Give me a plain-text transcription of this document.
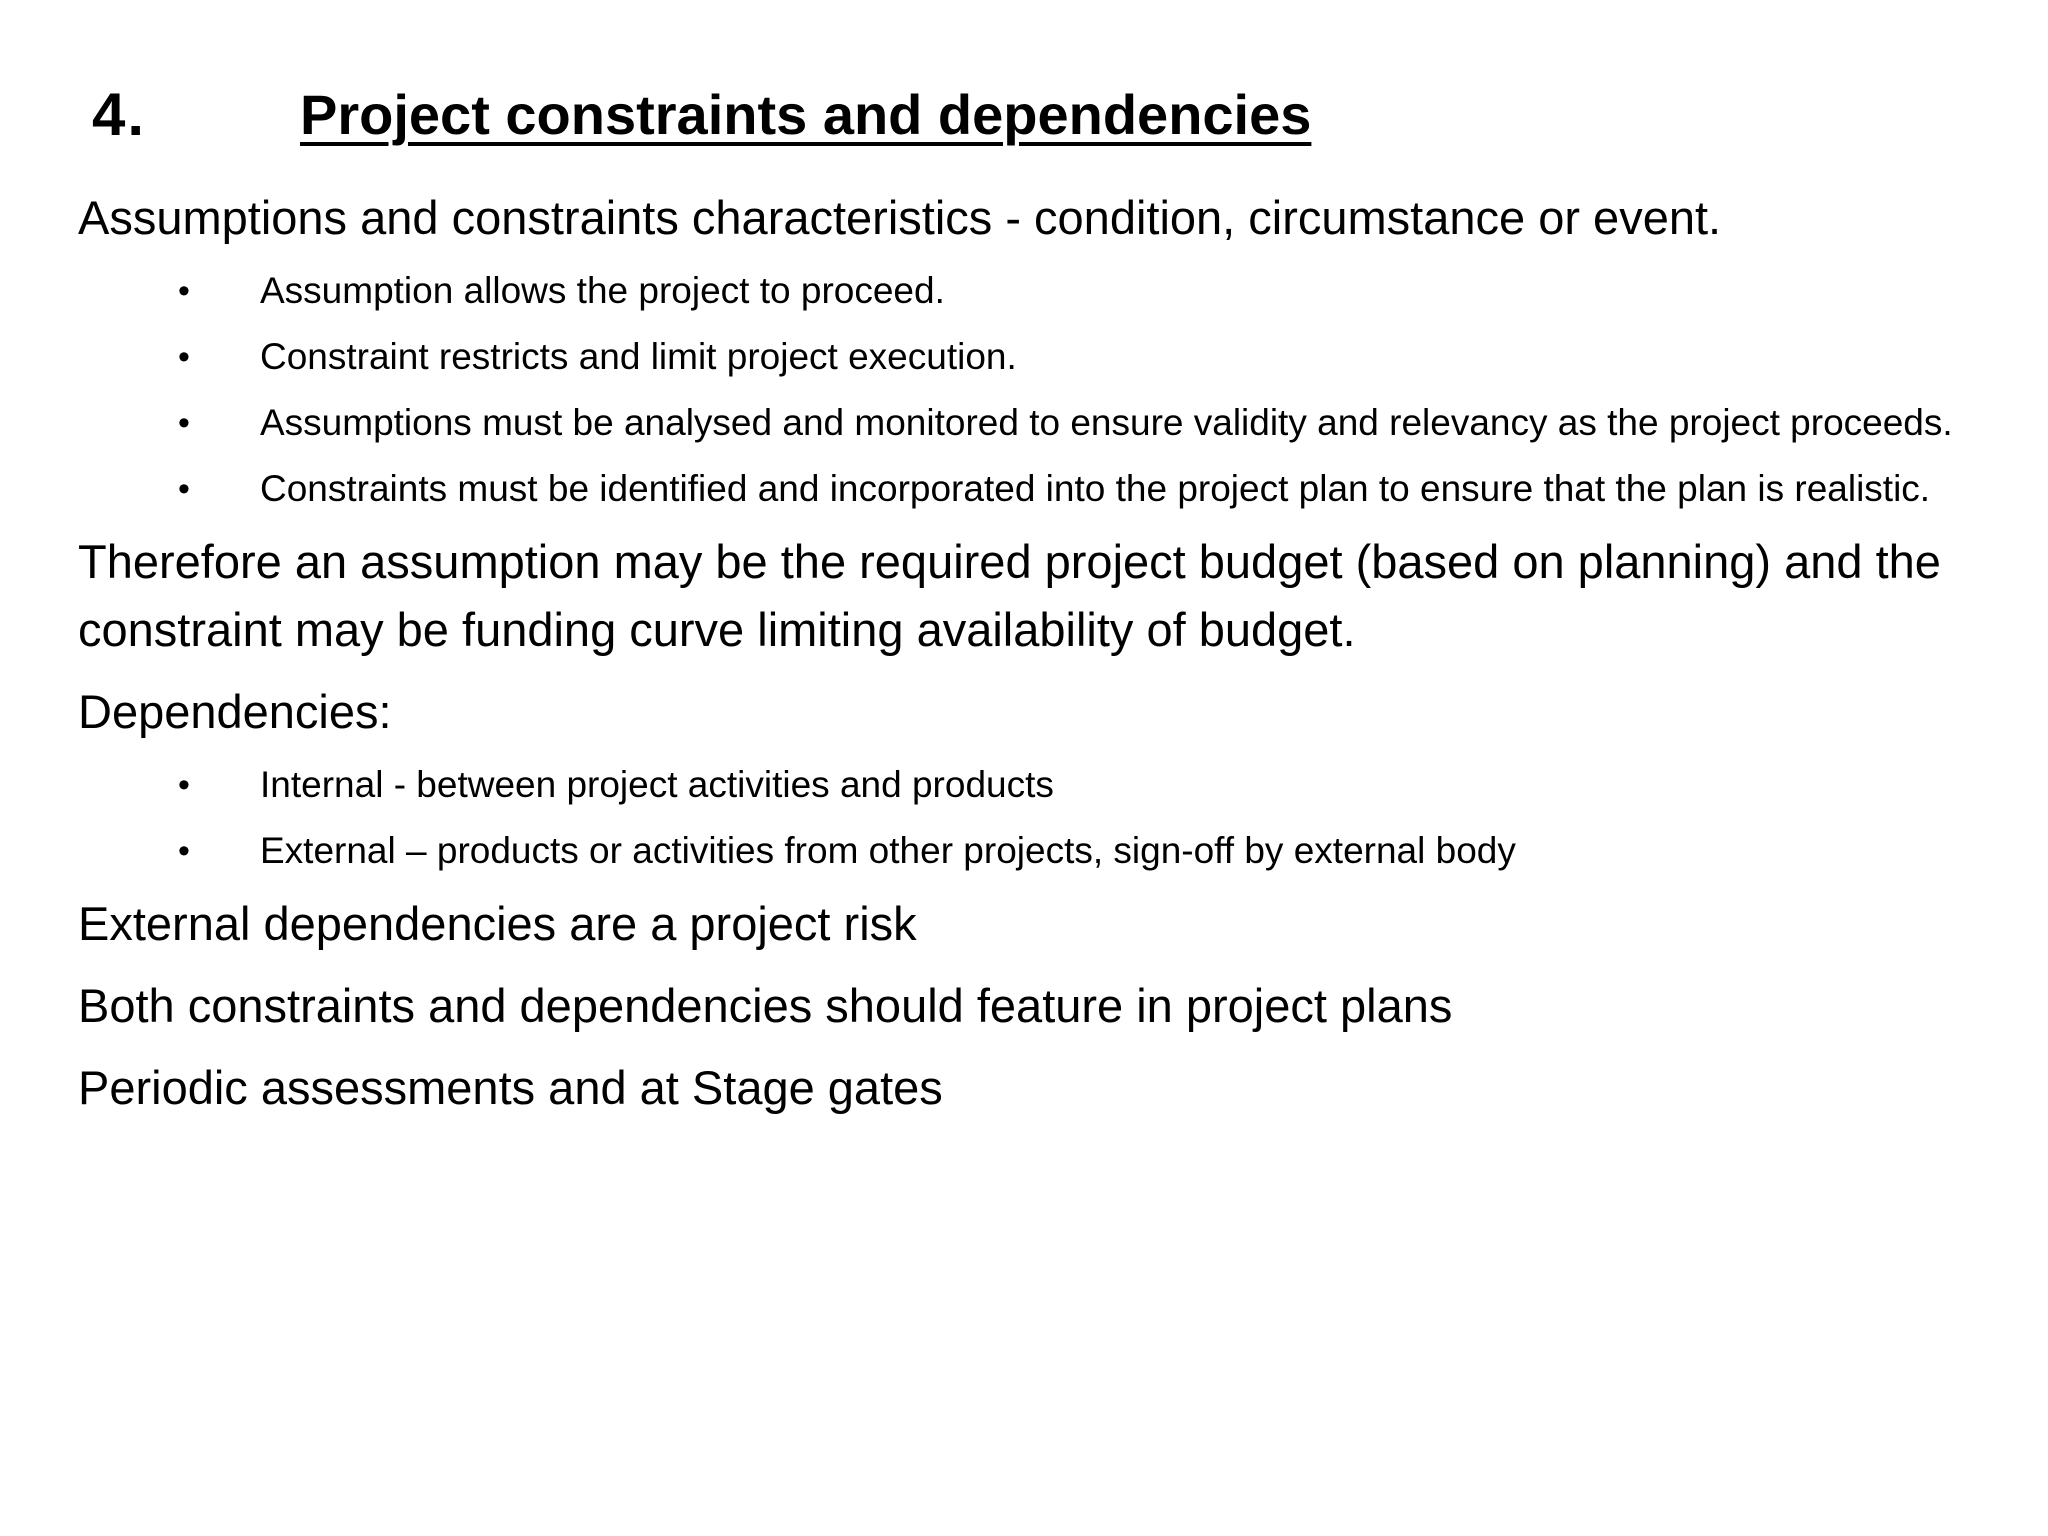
4.	Project constraints and dependencies

Assumptions and constraints characteristics - condition, circumstance or event.

• Assumption allows the project to proceed.
• Constraint restricts and limit project execution.
• Assumptions must be analysed and monitored to ensure validity and relevancy as the project proceeds.
• Constraints must be identified and incorporated into the project plan to ensure that the plan is realistic.

Therefore an assumption may be the required project budget (based on planning) and the constraint may be funding curve limiting availability of budget.

Dependencies:

• Internal - between project activities and products
• External – products or activities from other projects, sign-off by external body

External dependencies are a project risk

Both constraints and dependencies should feature in project plans

Periodic assessments and at Stage gates
